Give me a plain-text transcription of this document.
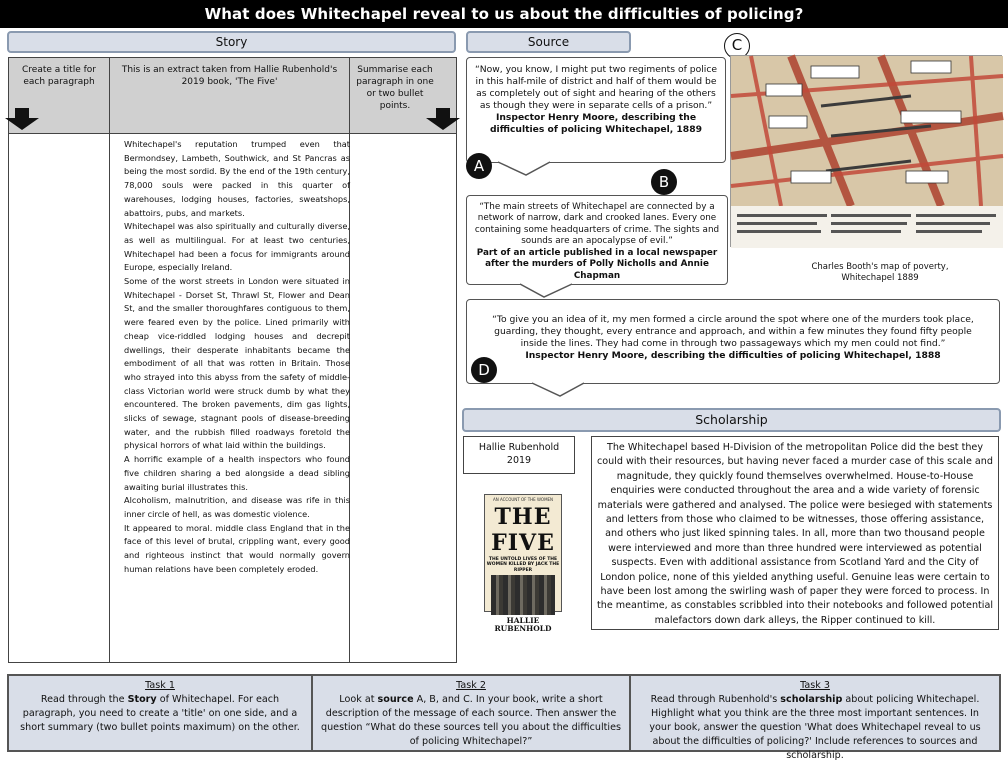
What does Whitechapel reveal to us about the difficulties of policing?
Story
Create a title for each paragraph
This is an extract taken from Hallie Rubenhold's 2019 book, 'The Five'
Summarise each paragraph in one or two bullet points.

Whitechapel's reputation trumped even that Bermondsey, Lambeth, Southwick, and St Pancras as being the most sordid. By the end of the 19th century, 78,000 souls were packed in this quarter of warehouses, lodging houses, factories, sweatshops, abattoirs, pubs, and markets.

Whitechapel was also spiritually and culturally diverse, as well as multilingual. For at least two centuries, Whitechapel had been a focus for immigrants around Europe, especially Ireland.

Some of the worst streets in London were situated in Whitechapel - Dorset St, Thrawl St, Flower and Dean St, and the smaller thoroughfares contiguous to them, were feared even by the police. Lined primarily with cheap vice-riddled lodging houses and decrepit dwellings, their desperate inhabitants became the embodiment of all that was rotten in Britain. Those who strayed into this abyss from the safety of middle-class Victorian world were struck dumb by what they encountered. The broken pavements, dim gas lights, slicks of sewage, stagnant pools of disease-breeding water, and the rubbish filled roadways foretold the physical horrors of what laid within the buildings.

A horrific example of a health inspectors who found five children sharing a bed alongside a dead sibling awaiting burial illustrates this.

Alcoholism, malnutrition, and disease was rife in this inner circle of hell, as was domestic violence.

It appeared to moral. middle class England that in the face of this level of brutal, crippling want, every good and righteous instinct that would normally govern human relations have been completely eroded.

Source
“Now, you know, I might put two regiments of police in this half-mile of district and half of them would be as completely out of sight and hearing of the others as though they were in separate cells of a prison.”
Inspector Henry Moore, describing the difficulties of policing Whitechapel, 1889
A
“The main streets of Whitechapel are connected by a network of narrow, dark and crooked lanes. Every one containing some headquarters of crime. The sights and sounds are an apocalypse of evil.”
Part of an article published in a local newspaper after the murders of Polly Nicholls and Annie Chapman
B
C
Charles Booth's map of poverty, Whitechapel 1889
“To give you an idea of it, my men formed a circle around the spot where one of the murders took place, guarding, they thought, every entrance and approach, and within a few minutes they found fifty people inside the lines. They had come in through two passageways which my men could not find.”
Inspector Henry Moore, describing the difficulties of policing Whitechapel, 1888
D
Scholarship
Hallie Rubenhold
2019
AN ACCOUNT OF THE WOMEN
THE FIVE
THE UNTOLD LIVES OF THE WOMEN KILLED BY JACK THE RIPPER
HALLIE
RUBENHOLD
The Whitechapel based H-Division of the metropolitan Police did the best they could with their resources, but having never faced a murder case of this scale and magnitude, they quickly found themselves overwhelmed. House-to-House enquiries were conducted throughout the area and a wide variety of forensic materials were gathered and analysed. The police were besieged with statements and letters from those who claimed to be witnesses, those offering assistance, and others who just liked spinning tales. In all, more than two thousand people were interviewed and more than three hundred were interviewed as potential suspects. Even with additional assistance from Scotland Yard and the City of London police, none of this yielded anything useful. Genuine leas were certain to have been lost among the swirling wash of paper they were forced to process. In the meantime, as constables scribbled into their notebooks and followed potential malefactors down dark alleys, the Ripper continued to kill.
Task 1
Read through the Story of Whitechapel. For each paragraph, you need to create a 'title' on one side, and a short summary (two bullet points maximum) on the other.
Task 2
Look at source A, B, and C. In your book, write a short description of the message of each source. Then answer the question “What do these sources tell you about the difficulties of policing Whitechapel?”
Task 3
Read through Rubenhold's scholarship about policing Whitechapel. Highlight what you think are the three most important sentences. In your book, answer the question 'What does Whitechapel reveal to us about the difficulties of policing?' Include references to sources and scholarship.
